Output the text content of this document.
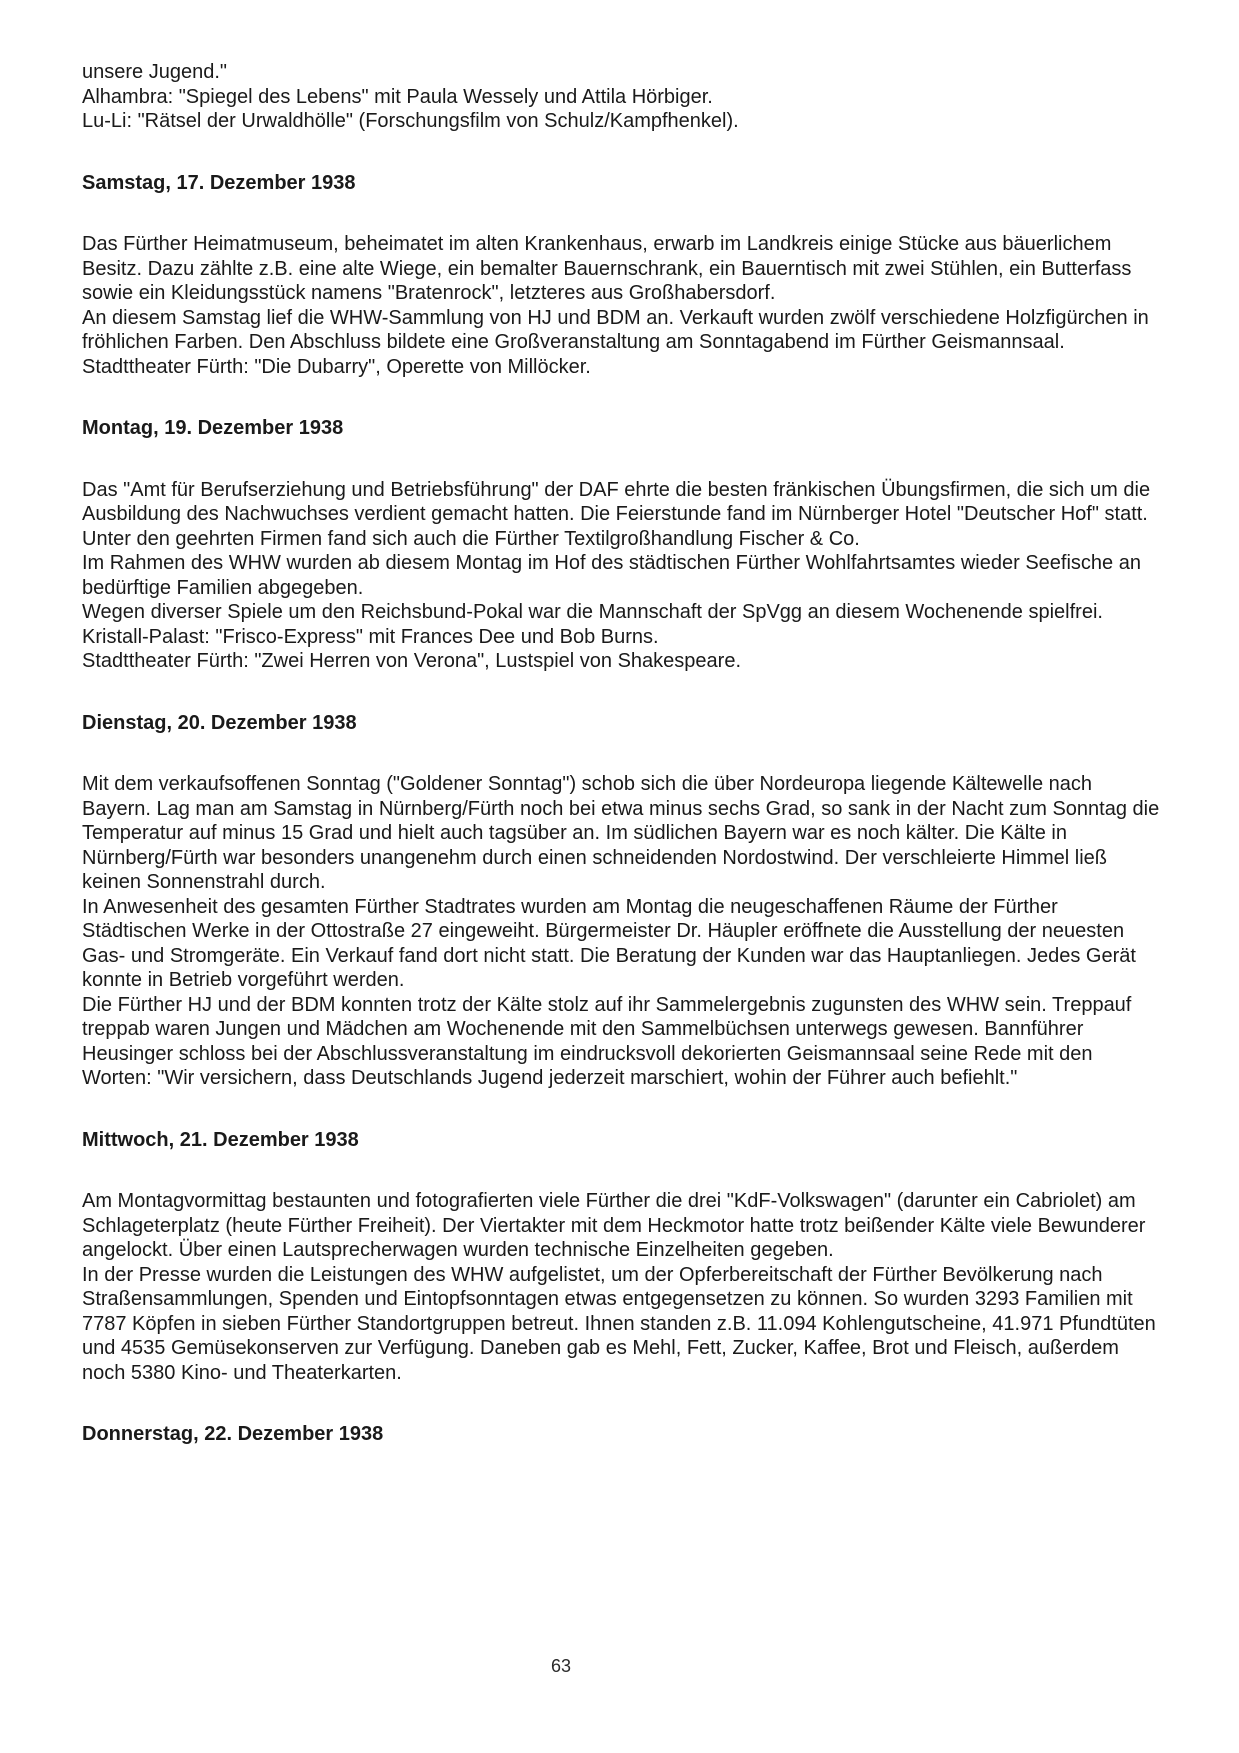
unsere Jugend."

Alhambra: "Spiegel des Lebens" mit Paula Wessely und Attila Hörbiger.

Lu-Li: "Rätsel der Urwaldhölle" (Forschungsfilm von Schulz/Kampfhenkel).

Samstag, 17. Dezember 1938

Das Fürther Heimatmuseum, beheimatet im alten Krankenhaus, erwarb im Landkreis einige Stücke aus bäuerlichem Besitz. Dazu zählte z.B. eine alte Wiege, ein bemalter Bauernschrank, ein Bauerntisch mit zwei Stühlen, ein Butterfass sowie ein Kleidungsstück namens "Bratenrock", letzteres aus Großhabersdorf.

An diesem Samstag lief die WHW-Sammlung von HJ und BDM an. Verkauft wurden zwölf verschiedene Holzfigürchen in fröhlichen Farben. Den Abschluss bildete eine Großveranstaltung am Sonntagabend im Fürther Geismannsaal.

Stadttheater Fürth: "Die Dubarry", Operette von Millöcker.

Montag, 19. Dezember 1938

Das "Amt für Berufserziehung und Betriebsführung" der DAF ehrte die besten fränkischen Übungsfirmen, die sich um die Ausbildung des Nachwuchses verdient gemacht hatten. Die Feierstunde fand im Nürnberger Hotel "Deutscher Hof" statt. Unter den geehrten Firmen fand sich auch die Fürther Textilgroßhandlung Fischer & Co.

Im Rahmen des WHW wurden ab diesem Montag im Hof des städtischen Fürther Wohlfahrtsamtes wieder Seefische an bedürftige Familien abgegeben.

Wegen diverser Spiele um den Reichsbund-Pokal war die Mannschaft der SpVgg an diesem Wochenende spielfrei.

Kristall-Palast: "Frisco-Express" mit Frances Dee und Bob Burns.

Stadttheater Fürth: "Zwei Herren von Verona", Lustspiel von Shakespeare.

Dienstag, 20. Dezember 1938

Mit dem verkaufsoffenen Sonntag ("Goldener Sonntag") schob sich die über Nordeuropa liegende Kältewelle nach Bayern. Lag man am Samstag in Nürnberg/Fürth noch bei etwa minus sechs Grad, so sank in der Nacht zum Sonntag die Temperatur auf minus 15 Grad und hielt auch tagsüber an. Im südlichen Bayern war es noch kälter. Die Kälte in Nürnberg/Fürth war besonders unangenehm durch einen schneidenden Nordostwind. Der verschleierte Himmel ließ keinen Sonnenstrahl durch.

In Anwesenheit des gesamten Fürther Stadtrates wurden am Montag die neugeschaffenen Räume der Fürther Städtischen Werke in der Ottostraße 27 eingeweiht. Bürgermeister Dr. Häupler eröffnete die Ausstellung der neuesten Gas- und Stromgeräte. Ein Verkauf fand dort nicht statt. Die Beratung der Kunden war das Hauptanliegen. Jedes Gerät konnte in Betrieb vorgeführt werden.

Die Fürther HJ und der BDM konnten trotz der Kälte stolz auf ihr Sammelergebnis zugunsten des WHW sein. Treppauf treppab waren Jungen und Mädchen am Wochenende mit den Sammelbüchsen unterwegs gewesen. Bannführer Heusinger schloss bei der Abschlussveranstaltung im eindrucksvoll dekorierten Geismannsaal seine Rede mit den Worten: "Wir versichern, dass Deutschlands Jugend jederzeit marschiert, wohin der Führer auch befiehlt."

Mittwoch, 21. Dezember 1938

Am Montagvormittag bestaunten und fotografierten viele Fürther die drei "KdF-Volkswagen" (darunter ein Cabriolet) am Schlageterplatz (heute Fürther Freiheit). Der Viertakter mit dem Heckmotor hatte trotz beißender Kälte viele Bewunderer angelockt. Über einen Lautsprecherwagen wurden technische Einzelheiten gegeben.

In der Presse wurden die Leistungen des WHW aufgelistet, um der Opferbereitschaft der Fürther Bevölkerung nach Straßensammlungen, Spenden und Eintopfsonntagen etwas entgegensetzen zu können. So wurden 3293 Familien mit 7787 Köpfen in sieben Fürther Standortgruppen betreut. Ihnen standen z.B. 11.094 Kohlengutscheine, 41.971 Pfundtüten und 4535 Gemüsekonserven zur Verfügung. Daneben gab es Mehl, Fett, Zucker, Kaffee, Brot und Fleisch, außerdem noch 5380 Kino- und Theaterkarten.

Donnerstag, 22. Dezember 1938
63
